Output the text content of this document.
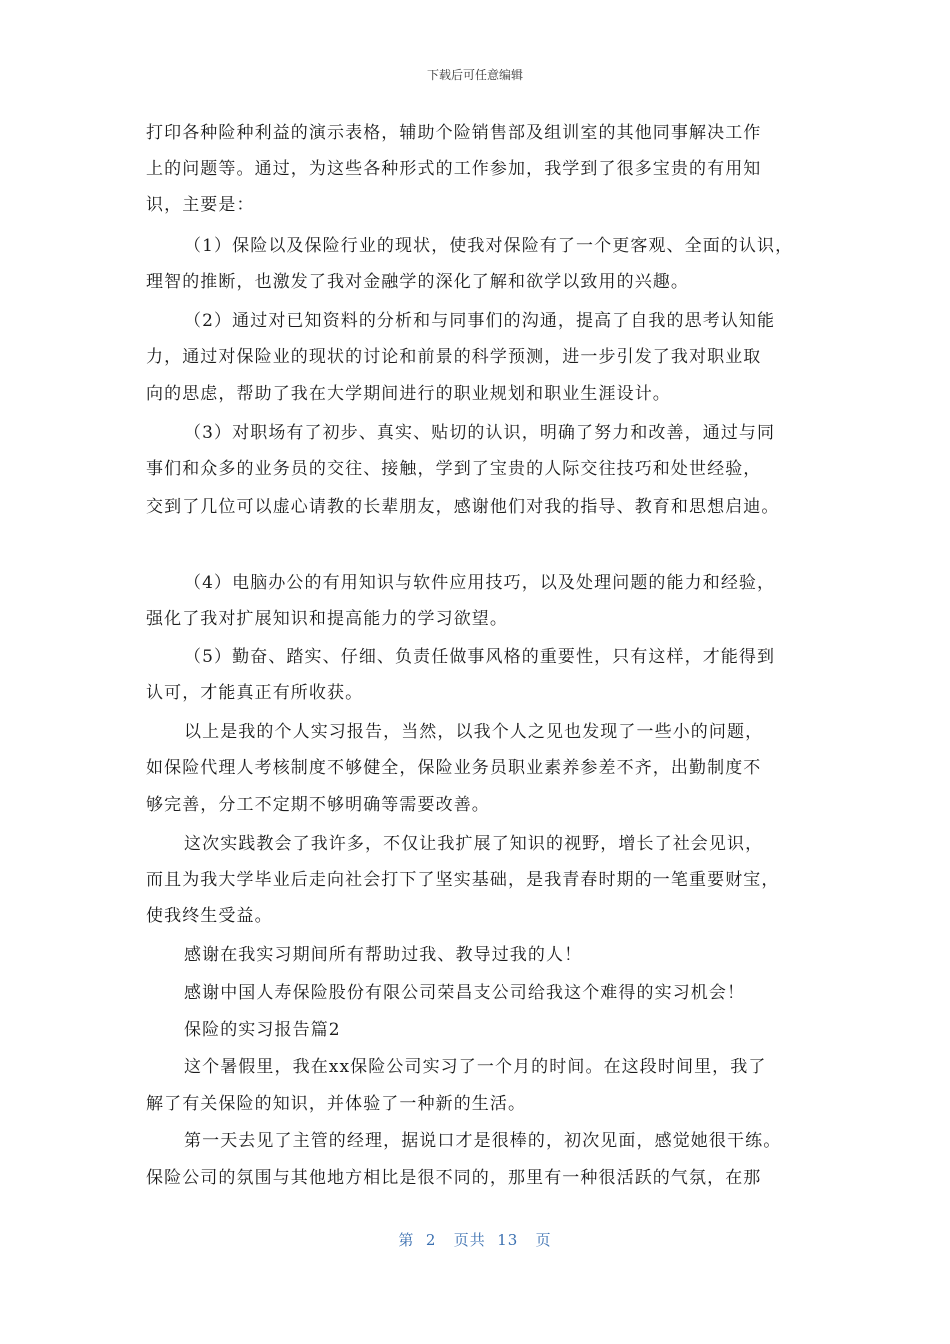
下载后可任意编辑
打印各种险种利益的演示表格，辅助个险销售部及组训室的其他同事解决工作
上的问题等。通过，为这些各种形式的工作参加，我学到了很多宝贵的有用知
识，主要是：
（1）保险以及保险行业的现状，使我对保险有了一个更客观、全面的认识，
理智的推断，也激发了我对金融学的深化了解和欲学以致用的兴趣。
（2）通过对已知资料的分析和与同事们的沟通，提高了自我的思考认知能
力，通过对保险业的现状的讨论和前景的科学预测，进一步引发了我对职业取
向的思虑，帮助了我在大学期间进行的职业规划和职业生涯设计。
（3）对职场有了初步、真实、贴切的认识，明确了努力和改善，通过与同
事们和众多的业务员的交往、接触，学到了宝贵的人际交往技巧和处世经验，
交到了几位可以虚心请教的长辈朋友，感谢他们对我的指导、教育和思想启迪。
（4）电脑办公的有用知识与软件应用技巧，以及处理问题的能力和经验，
强化了我对扩展知识和提高能力的学习欲望。
（5）勤奋、踏实、仔细、负责任做事风格的重要性，只有这样，才能得到
认可，才能真正有所收获。
以上是我的个人实习报告，当然，以我个人之见也发现了一些小的问题，
如保险代理人考核制度不够健全，保险业务员职业素养参差不齐，出勤制度不
够完善，分工不定期不够明确等需要改善。
这次实践教会了我许多，不仅让我扩展了知识的视野，增长了社会见识，
而且为我大学毕业后走向社会打下了坚实基础，是我青春时期的一笔重要财宝，
使我终生受益。
感谢在我实习期间所有帮助过我、教导过我的人！
感谢中国人寿保险股份有限公司荣昌支公司给我这个难得的实习机会！
保险的实习报告篇2
这个暑假里，我在xx保险公司实习了一个月的时间。在这段时间里，我了
解了有关保险的知识，并体验了一种新的生活。
第一天去见了主管的经理，据说口才是很棒的，初次见面，感觉她很干练。
保险公司的氛围与其他地方相比是很不同的，那里有一种很活跃的气氛，在那
第  2   页共  13   页
